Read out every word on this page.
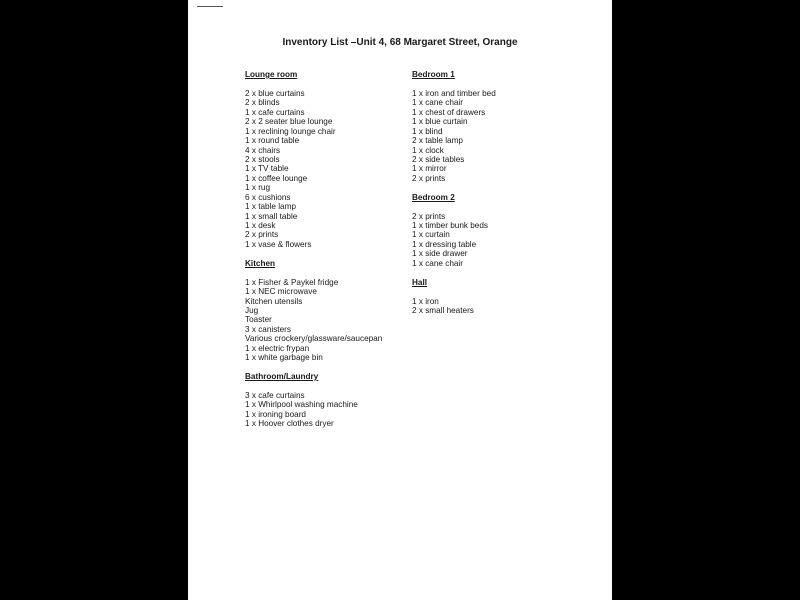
Inventory List –Unit 4, 68 Margaret Street, Orange
Lounge room
2 x blue curtains
2 x blinds
1 x cafe curtains
2 x 2 seater blue lounge
1 x reclining lounge chair
1 x round table
4 x chairs
2 x stools
1 x TV table
1 x coffee lounge
1 x rug
6 x cushions
1 x table lamp
1 x small table
1 x desk
2 x prints
1 x vase & flowers
Kitchen
1 x Fisher & Paykel fridge
1 x NEC microwave
Kitchen utensils
Jug
Toaster
3 x canisters
Various crockery/glassware/saucepan
1 x electric frypan
1 x white garbage bin
Bathroom/Laundry
3 x cafe curtains
1 x Whirlpool washing machine
1 x ironing board
1 x Hoover clothes dryer
Bedroom 1
1 x iron and timber bed
1 x cane chair
1 x chest of drawers
1 x blue curtain
1 x blind
2 x table lamp
1 x clock
2 x side tables
1 x mirror
2 x prints
Bedroom 2
2 x prints
1 x timber bunk beds
1 x curtain
1 x dressing table
1 x side drawer
1 x cane chair
Hall
1 x iron
2 x small heaters
